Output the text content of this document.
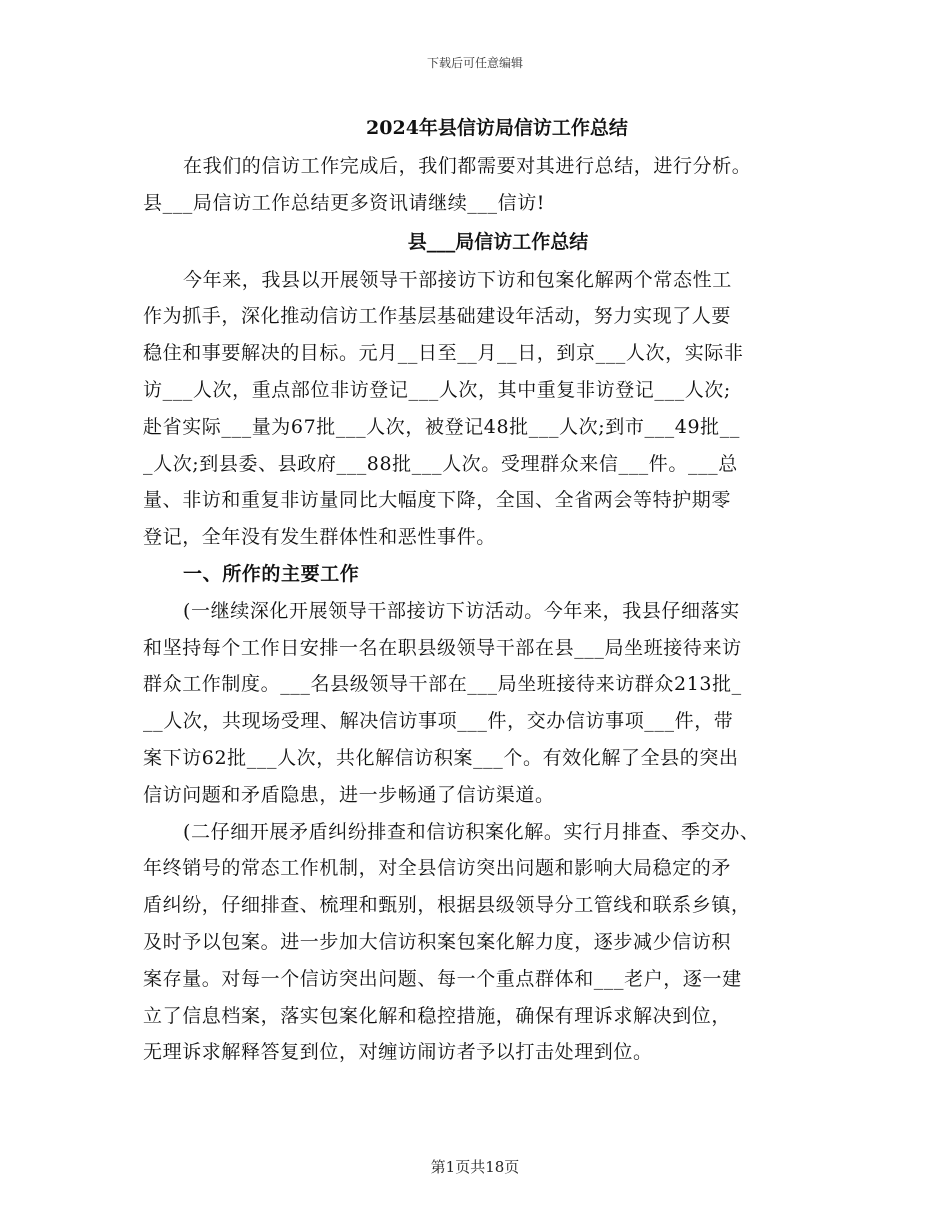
下载后可任意编辑
2024年县信访局信访工作总结
在我们的信访工作完成后，我们都需要对其进行总结，进行分析。
县___局信访工作总结更多资讯请继续___信访!
县___局信访工作总结
今年来，我县以开展领导干部接访下访和包案化解两个常态性工
作为抓手，深化推动信访工作基层基础建设年活动，努力实现了人要
稳住和事要解决的目标。元月__日至__月__日，到京___人次，实际非
访___人次，重点部位非访登记___人次，其中重复非访登记___人次;
赴省实际___量为67批___人次，被登记48批___人次;到市___49批__
_人次;到县委、县政府___88批___人次。受理群众来信___件。___总
量、非访和重复非访量同比大幅度下降，全国、全省两会等特护期零
登记，全年没有发生群体性和恶性事件。
一、所作的主要工作
(一继续深化开展领导干部接访下访活动。今年来，我县仔细落实
和坚持每个工作日安排一名在职县级领导干部在县___局坐班接待来访
群众工作制度。___名县级领导干部在___局坐班接待来访群众213批_
__人次，共现场受理、解决信访事项___件，交办信访事项___件，带
案下访62批___人次，共化解信访积案___个。有效化解了全县的突出
信访问题和矛盾隐患，进一步畅通了信访渠道。
(二仔细开展矛盾纠纷排查和信访积案化解。实行月排查、季交办、
年终销号的常态工作机制，对全县信访突出问题和影响大局稳定的矛
盾纠纷，仔细排查、梳理和甄别，根据县级领导分工管线和联系乡镇，
及时予以包案。进一步加大信访积案包案化解力度，逐步减少信访积
案存量。对每一个信访突出问题、每一个重点群体和___老户，逐一建
立了信息档案，落实包案化解和稳控措施，确保有理诉求解决到位，
无理诉求解释答复到位，对缠访闹访者予以打击处理到位。
第1页共18页
